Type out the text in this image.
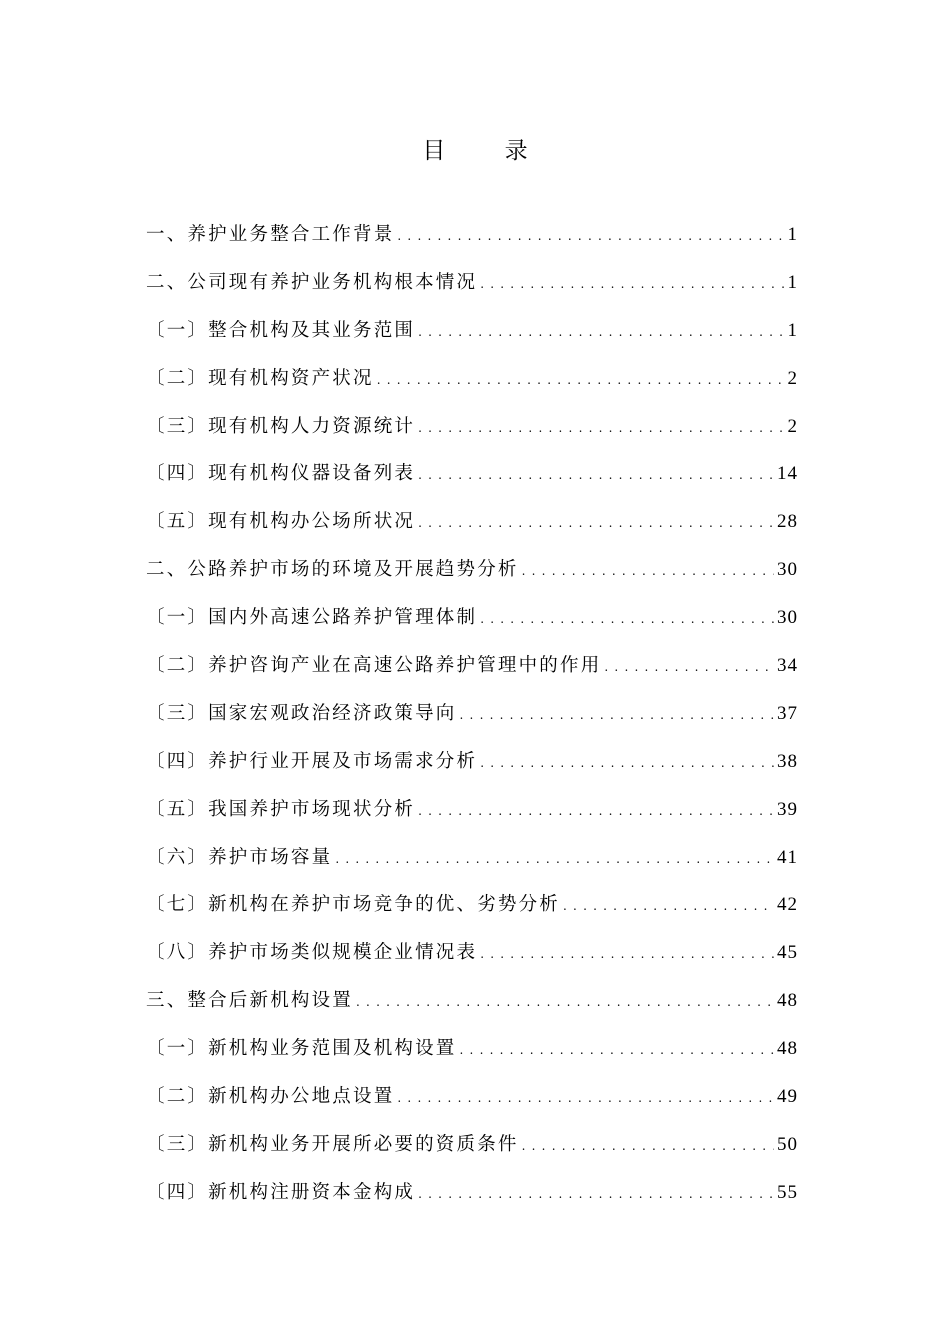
目 录
一、养护业务整合工作背景 . . .	1
二、公司现有养护业务机构根本情况 . . .	1
〔一〕整合机构及其业务范围 . . .	1
〔二〕现有机构资产状况 . . .	2
〔三〕现有机构人力资源统计 . . .	2
〔四〕现有机构仪器设备列表 . . .	14
〔五〕现有机构办公场所状况 . . .	28
二、公路养护市场的环境及开展趋势分析 . . .	30
〔一〕国内外高速公路养护管理体制 . . .	30
〔二〕养护咨询产业在高速公路养护管理中的作用 . . .	34
〔三〕国家宏观政治经济政策导向 . . .	37
〔四〕养护行业开展及市场需求分析 . . .	38
〔五〕我国养护市场现状分析 . . .	39
〔六〕养护市场容量 . . .	41
〔七〕新机构在养护市场竞争的优、劣势分析 . . .	42
〔八〕养护市场类似规模企业情况表 . . .	45
三、整合后新机构设置 . . .	48
〔一〕新机构业务范围及机构设置 . . .	48
〔二〕新机构办公地点设置 . . .	49
〔三〕新机构业务开展所必要的资质条件 . . .	50
〔四〕新机构注册资本金构成 . . .	55
